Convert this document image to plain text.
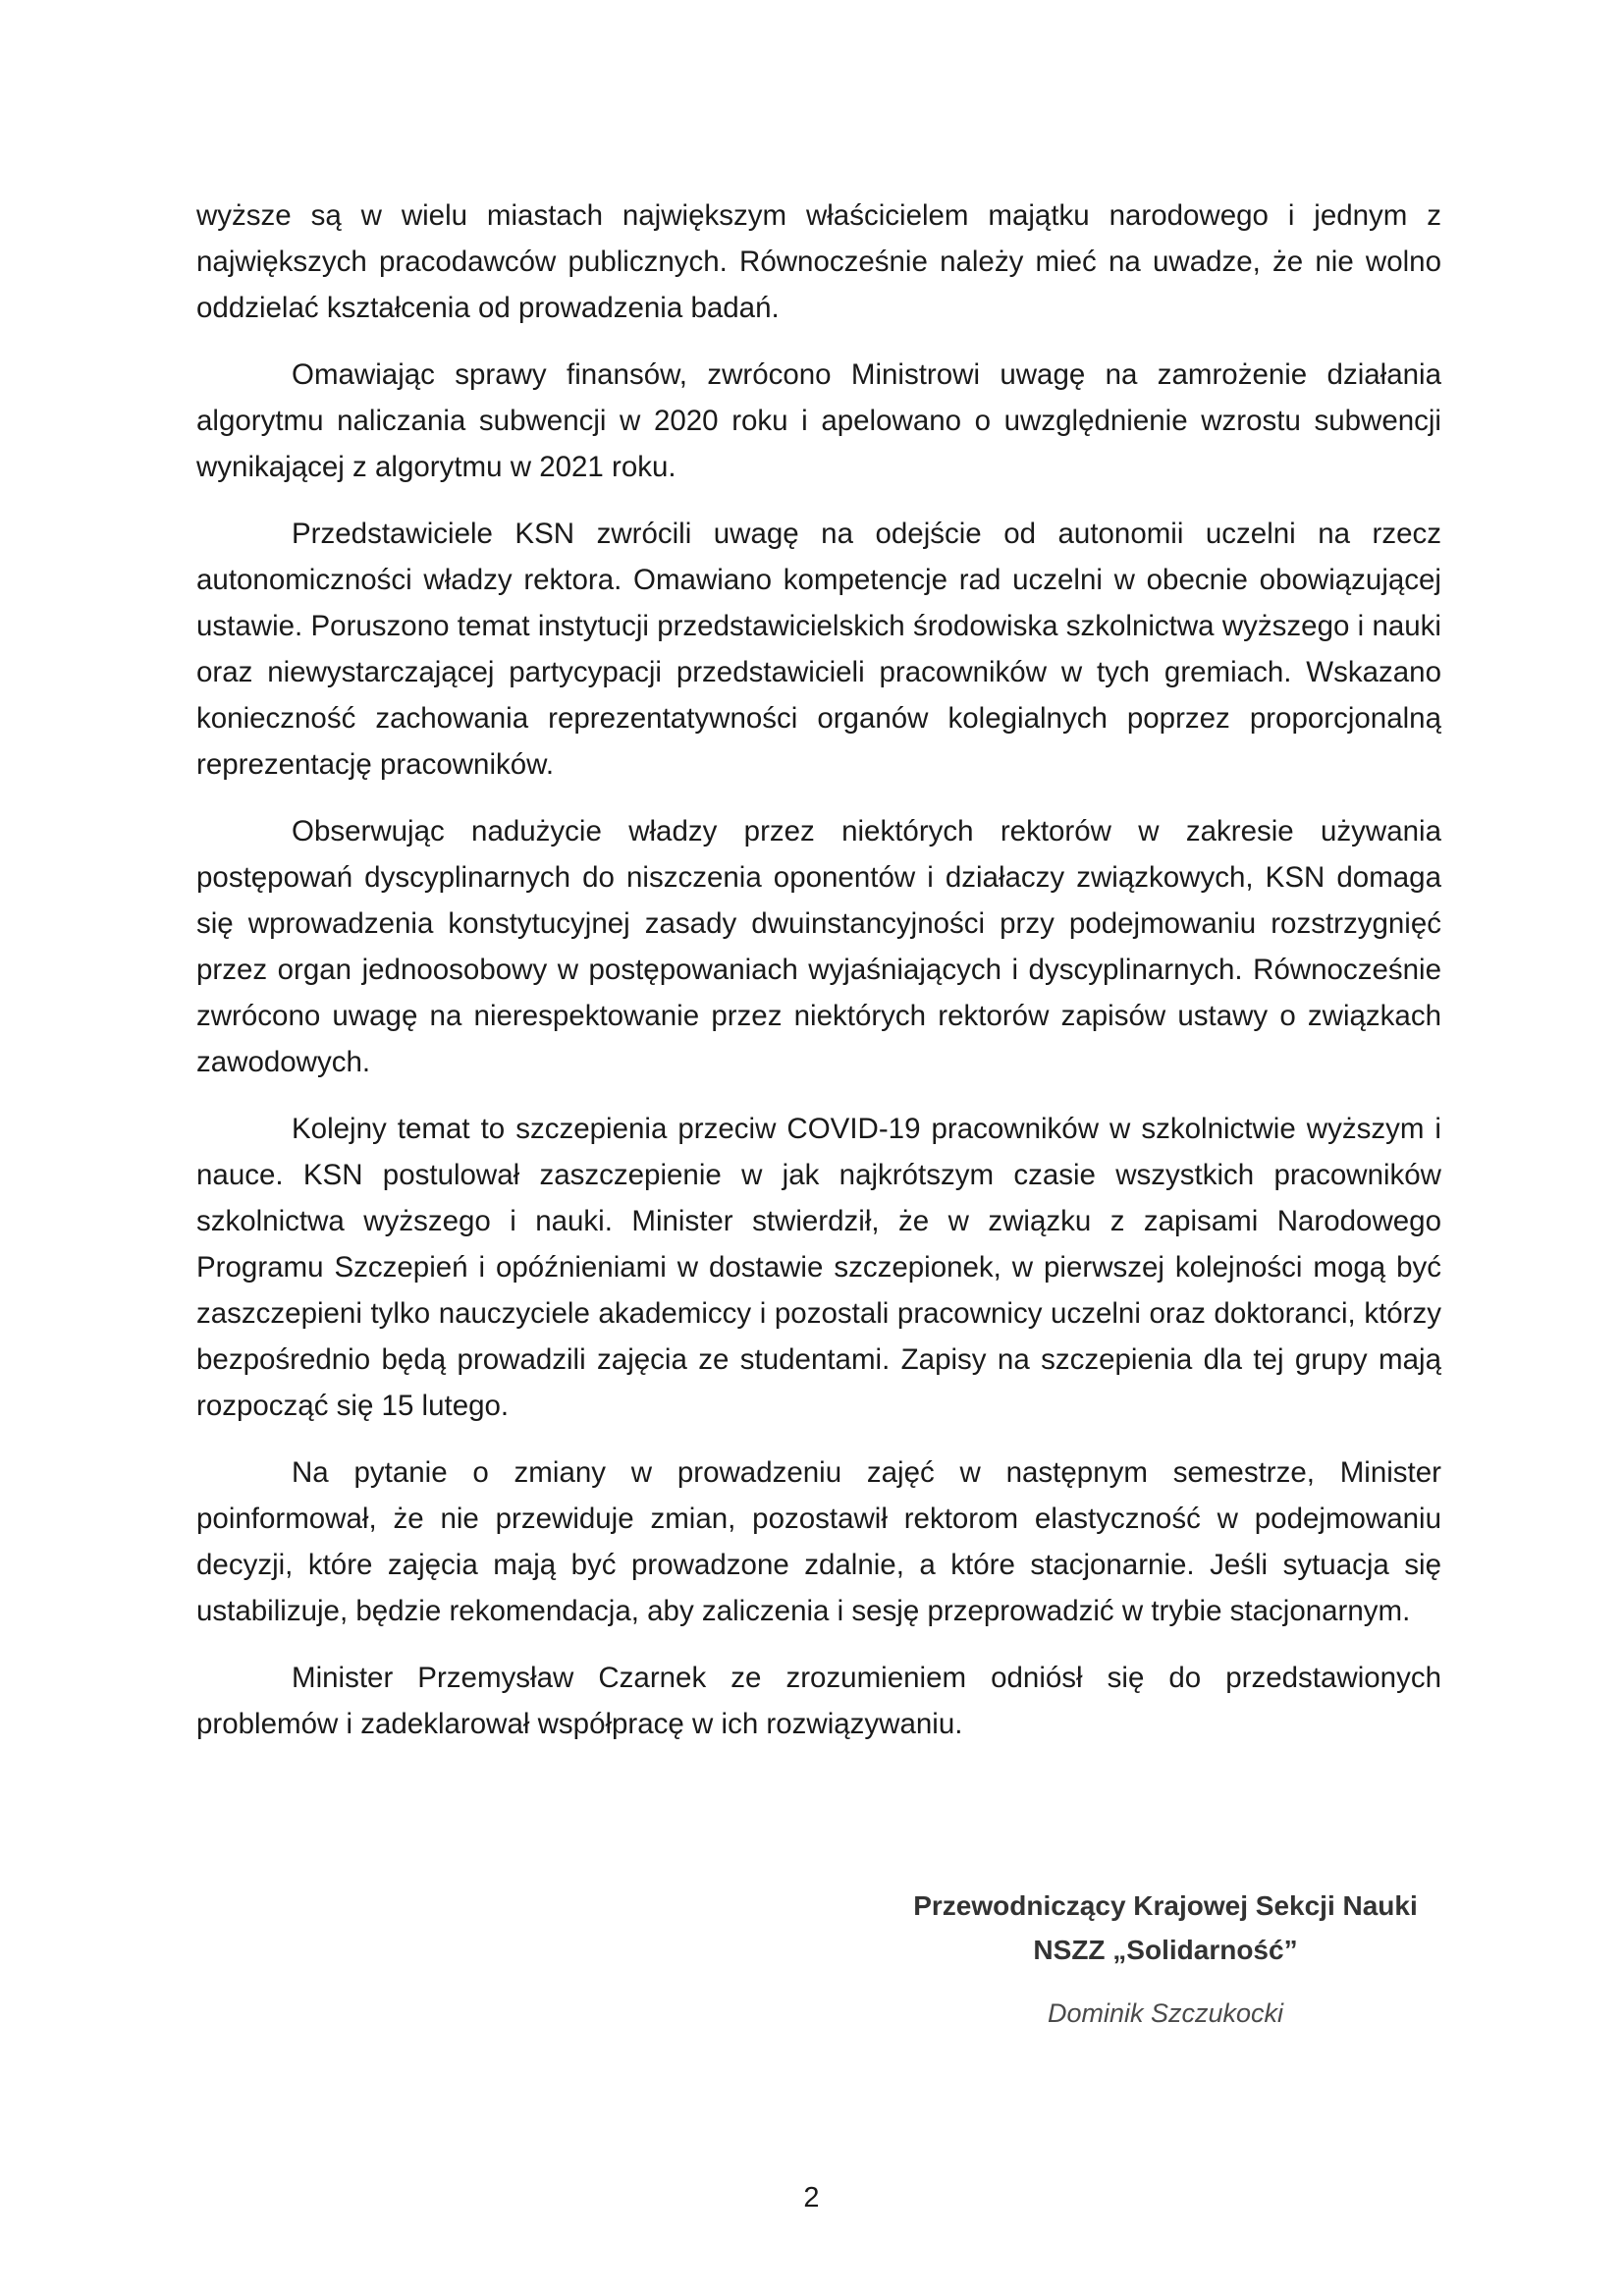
wyższe są w wielu miastach największym właścicielem majątku narodowego i jednym z największych pracodawców publicznych. Równocześnie należy mieć na uwadze, że nie wolno oddzielać kształcenia od prowadzenia badań.

Omawiając sprawy finansów, zwrócono Ministrowi uwagę na zamrożenie działania algorytmu naliczania subwencji w 2020 roku i apelowano o uwzględnienie wzrostu subwencji wynikającej z algorytmu w 2021 roku.

Przedstawiciele KSN zwrócili uwagę na odejście od autonomii uczelni na rzecz autonomiczności władzy rektora. Omawiano kompetencje rad uczelni w obecnie obowiązującej ustawie. Poruszono temat instytucji przedstawicielskich środowiska szkolnictwa wyższego i nauki oraz niewystarczającej partycypacji przedstawicieli pracowników w tych gremiach. Wskazano konieczność zachowania reprezentatywności organów kolegialnych poprzez proporcjonalną reprezentację pracowników.

Obserwując nadużycie władzy przez niektórych rektorów w zakresie używania postępowań dyscyplinarnych do niszczenia oponentów i działaczy związkowych, KSN domaga się wprowadzenia konstytucyjnej zasady dwuinstancyjności przy podejmowaniu rozstrzygnięć przez organ jednoosobowy w postępowaniach wyjaśniających i dyscyplinarnych. Równocześnie zwrócono uwagę na nierespektowanie przez niektórych rektorów zapisów ustawy o związkach zawodowych.

Kolejny temat to szczepienia przeciw COVID-19 pracowników w szkolnictwie wyższym i nauce. KSN postulował zaszczepienie w jak najkrótszym czasie wszystkich pracowników szkolnictwa wyższego i nauki. Minister stwierdził, że w związku z zapisami Narodowego Programu Szczepień i opóźnieniami w dostawie szczepionek, w pierwszej kolejności mogą być zaszczepieni tylko nauczyciele akademiccy i pozostali pracownicy uczelni oraz doktoranci, którzy bezpośrednio będą prowadzili zajęcia ze studentami. Zapisy na szczepienia dla tej grupy mają rozpocząć się 15 lutego.

Na pytanie o zmiany w prowadzeniu zajęć w następnym semestrze, Minister poinformował, że nie przewiduje zmian, pozostawił rektorom elastyczność w podejmowaniu decyzji, które zajęcia mają być prowadzone zdalnie, a które stacjonarnie. Jeśli sytuacja się ustabilizuje, będzie rekomendacja, aby zaliczenia i sesję przeprowadzić w trybie stacjonarnym.

Minister Przemysław Czarnek ze zrozumieniem odniósł się do przedstawionych problemów i zadeklarował współpracę w ich rozwiązywaniu.

Przewodniczący Krajowej Sekcji Nauki
NSZZ „Solidarność”
Dominik Szczukocki
2
